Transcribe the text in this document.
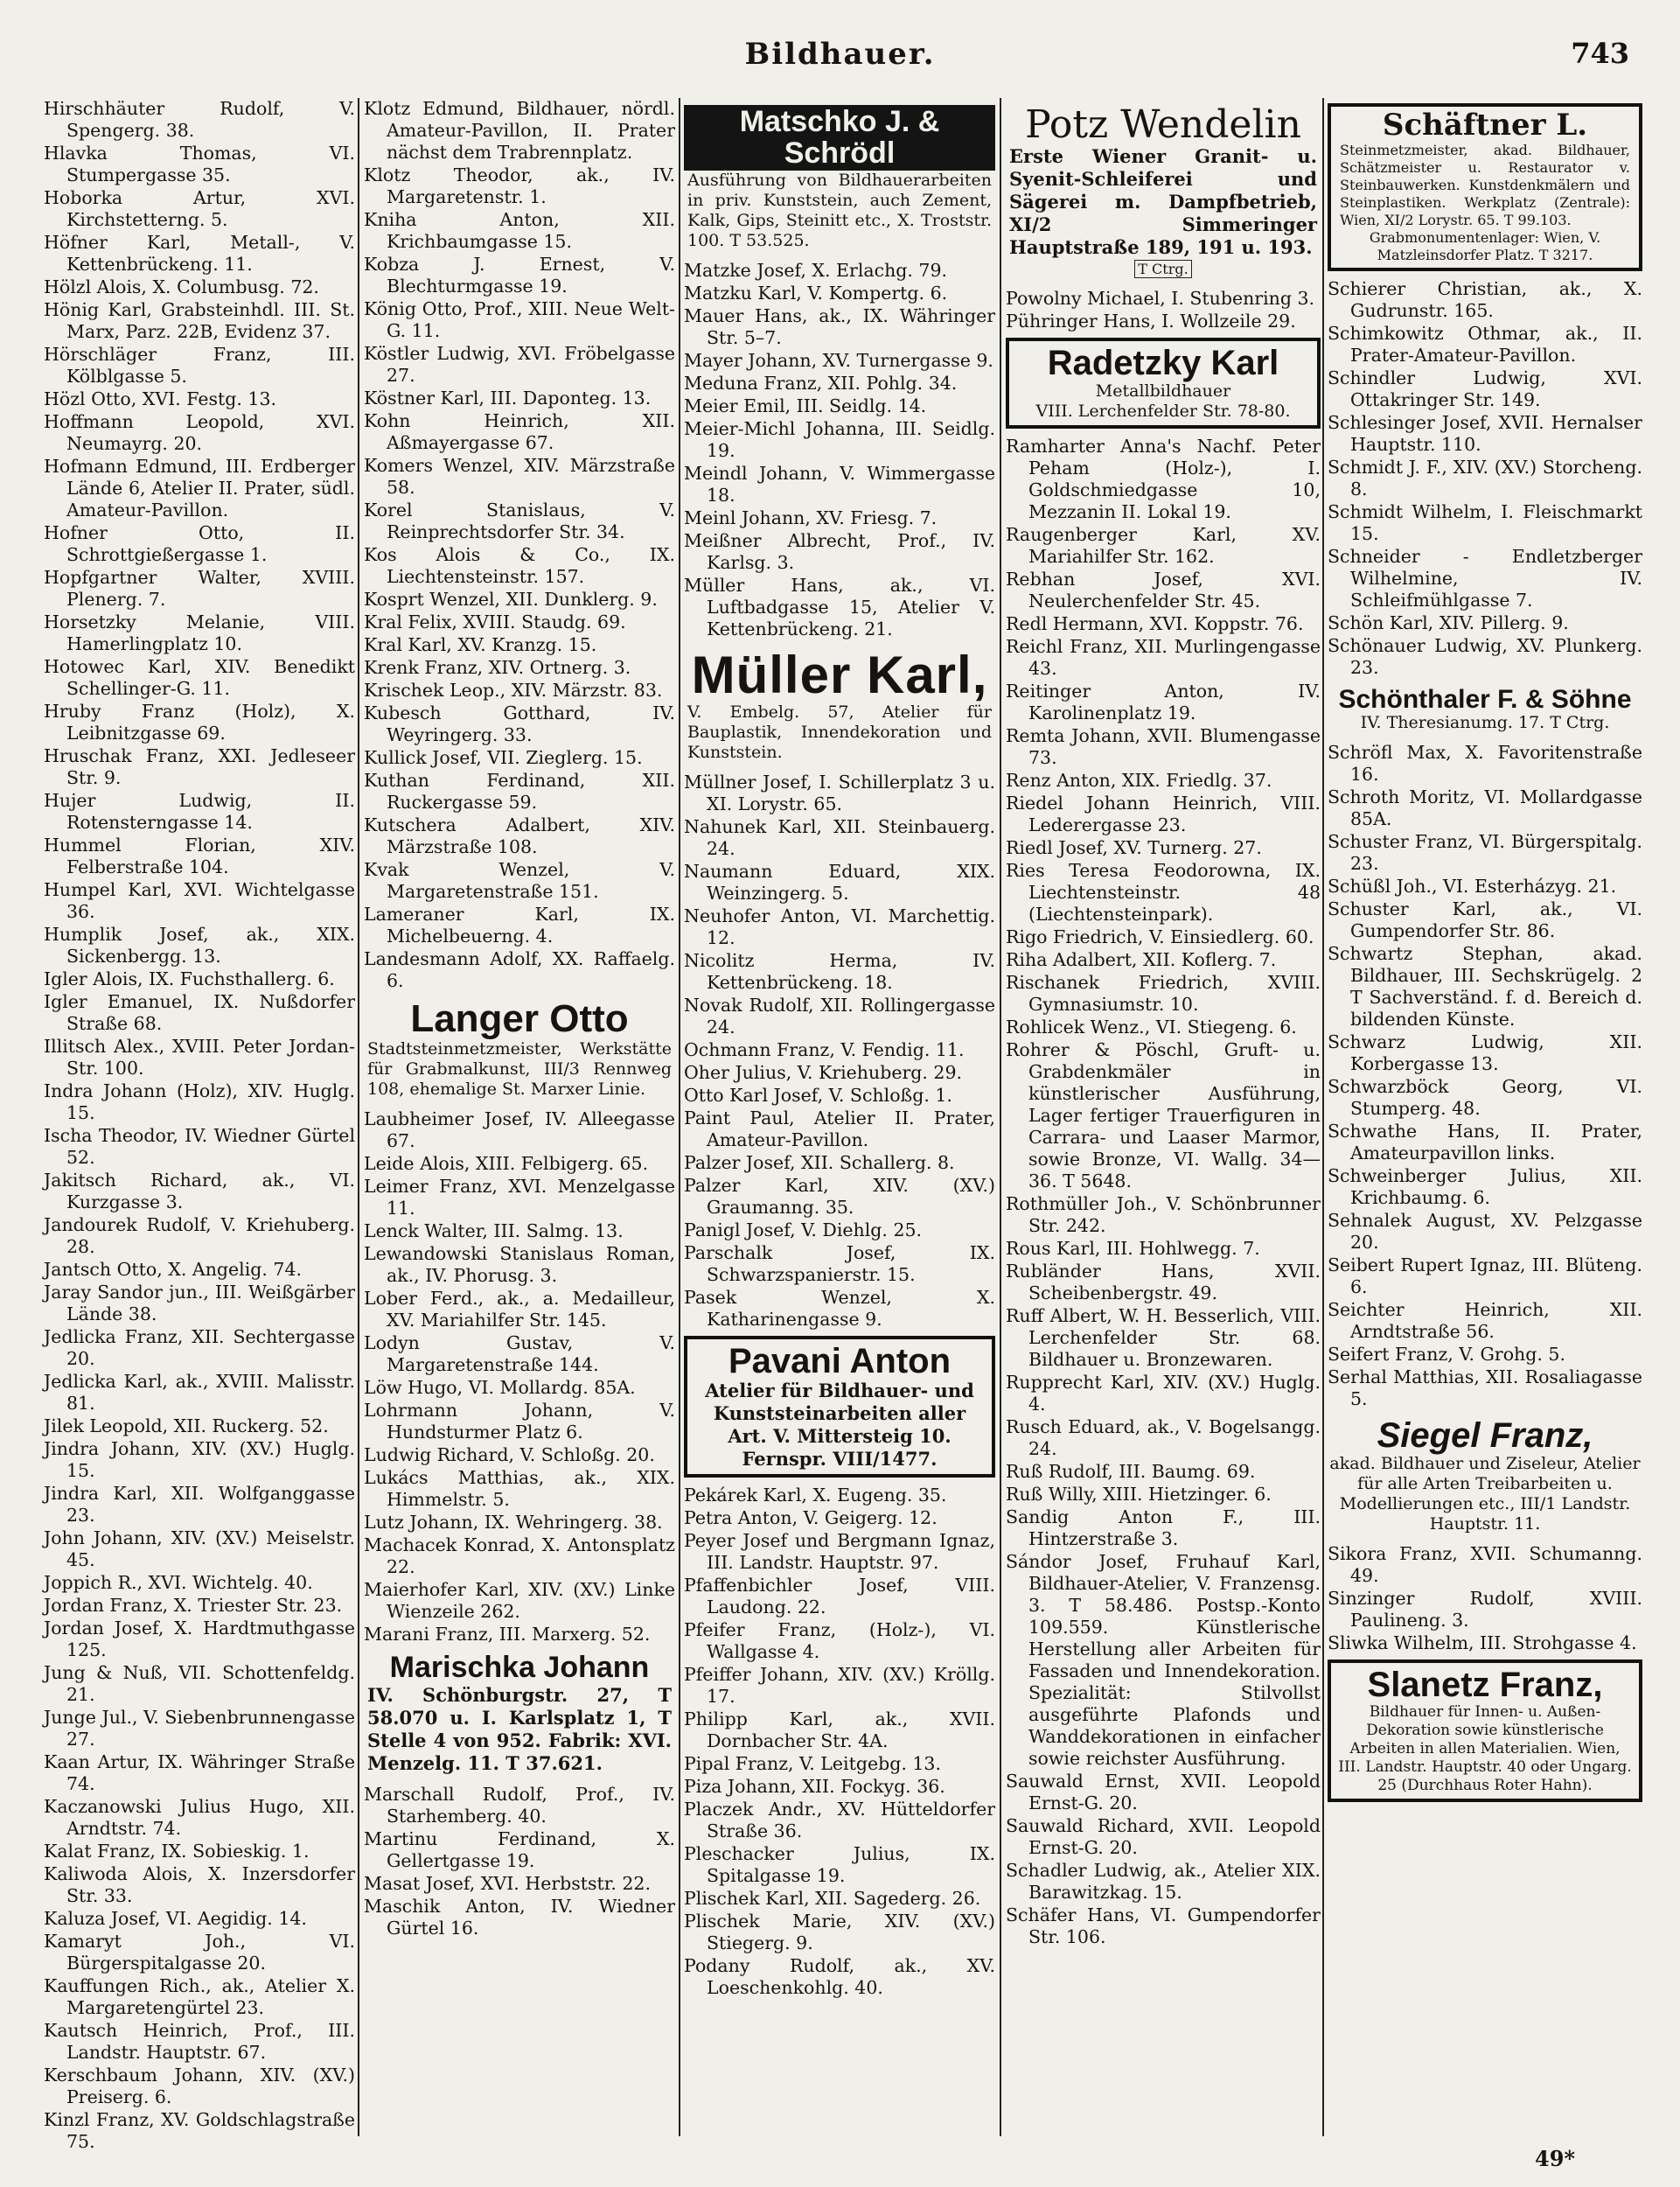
Bildhauer.	743
Hirschhäuter Rudolf, V. Spengerg. 38.
Hlavka Thomas, VI. Stumpergasse 35.
Hoborka Artur, XVI. Kirchstetterng. 5.
Höfner Karl, Metall-, V. Kettenbrückeng. 11.
Hölzl Alois, X. Columbusg. 72.
Hönig Karl, Grabsteinhdl. III. St. Marx, Parz. 22B, Evidenz 37.
Hörschläger Franz, III. Kölblgasse 5.
Hözl Otto, XVI. Festg. 13.
Hoffmann Leopold, XVI. Neumayrg. 20.
Hofmann Edmund, III. Erdberger Lände 6, Atelier II. Prater, südl. Amateur-Pavillon.
Hofner Otto, II. Schrottgießergasse 1.
Hopfgartner Walter, XVIII. Plenerg. 7.
Horsetzky Melanie, VIII. Hamerlingplatz 10.
Hotowec Karl, XIV. Benedikt Schellinger-G. 11.
Hruby Franz (Holz), X. Leibnitzgasse 69.
Hruschak Franz, XXI. Jedleseer Str. 9.
Hujer Ludwig, II. Rotensterngasse 14.
Hummel Florian, XIV. Felberstraße 104.
Humpel Karl, XVI. Wichtelgasse 36.
Humplik Josef, ak., XIX. Sickenbergg. 13.
Igler Alois, IX. Fuchsthallerg. 6.
Igler Emanuel, IX. Nußdorfer Straße 68.
Illitsch Alex., XVIII. Peter Jordan-Str. 100.
Indra Johann (Holz), XIV. Huglg. 15.
Ischa Theodor, IV. Wiedner Gürtel 52.
Jakitsch Richard, ak., VI. Kurzgasse 3.
Jandourek Rudolf, V. Kriehuberg. 28.
Jantsch Otto, X. Angelig. 74.
Jaray Sandor jun., III. Weißgärber Lände 38.
Jedlicka Franz, XII. Sechtergasse 20.
Jedlicka Karl, ak., XVIII. Malisstr. 81.
Jilek Leopold, XII. Ruckerg. 52.
Jindra Johann, XIV. (XV.) Huglg. 15.
Jindra Karl, XII. Wolfganggasse 23.
John Johann, XIV. (XV.) Meiselstr. 45.
Joppich R., XVI. Wichtelg. 40.
Jordan Franz, X. Triester Str. 23.
Jordan Josef, X. Hardtmuthgasse 125.
Jung & Nuß, VII. Schottenfeldg. 21.
Junge Jul., V. Siebenbrunnengasse 27.
Kaan Artur, IX. Währinger Straße 74.
Kaczanowski Julius Hugo, XII. Arndtstr. 74.
Kalat Franz, IX. Sobieskig. 1.
Kaliwoda Alois, X. Inzersdorfer Str. 33.
Kaluza Josef, VI. Aegidig. 14.
Kamaryt Joh., VI. Bürgerspitalgasse 20.
Kauffungen Rich., ak., Atelier X. Margaretengürtel 23.
Kautsch Heinrich, Prof., III. Landstr. Hauptstr. 67.
Kerschbaum Johann, XIV. (XV.) Preiserg. 6.
Kinzl Franz, XV. Goldschlagstraße 75.
Klotz Edmund, Bildhauer, nördl. Amateur-Pavillon, II. Prater nächst dem Trabrennplatz.
Klotz Theodor, ak., IV. Margaretenstr. 1.
Kniha Anton, XII. Krichbaumgasse 15.
Kobza J. Ernest, V. Blechturmgasse 19.
König Otto, Prof., XIII. Neue Welt-G. 11.
Köstler Ludwig, XVI. Fröbelgasse 27.
Köstner Karl, III. Daponteg. 13.
Kohn Heinrich, XII. Aßmayergasse 67.
Komers Wenzel, XIV. Märzstraße 58.
Korel Stanislaus, V. Reinprechtsdorfer Str. 34.
Kos Alois & Co., IX. Liechtensteinstr. 157.
Kosprt Wenzel, XII. Dunklerg. 9.
Kral Felix, XVIII. Staudg. 69.
Kral Karl, XV. Kranzg. 15.
Krenk Franz, XIV. Ortnerg. 3.
Krischek Leop., XIV. Märzstr. 83.
Kubesch Gotthard, IV. Weyringerg. 33.
Kullick Josef, VII. Zieglerg. 15.
Kuthan Ferdinand, XII. Ruckergasse 59.
Kutschera Adalbert, XIV. Märzstraße 108.
Kvak Wenzel, V. Margaretenstraße 151.
Lameraner Karl, IX. Michelbeuerng. 4.
Landesmann Adolf, XX. Raffaelg. 6.
Langer Otto
Stadtsteinmetzmeister, Werkstätte für Grabmalkunst, III/3 Rennweg 108, ehemalige St. Marxer Linie.
Laubheimer Josef, IV. Alleegasse 67.
Leide Alois, XIII. Felbigerg. 65.
Leimer Franz, XVI. Menzelgasse 11.
Lenck Walter, III. Salmg. 13.
Lewandowski Stanislaus Roman, ak., IV. Phorusg. 3.
Lober Ferd., ak., a. Medailleur, XV. Mariahilfer Str. 145.
Lodyn Gustav, V. Margaretenstraße 144.
Löw Hugo, VI. Mollardg. 85A.
Lohrmann Johann, V. Hundsturmer Platz 6.
Ludwig Richard, V. Schloßg. 20.
Lukács Matthias, ak., XIX. Himmelstr. 5.
Lutz Johann, IX. Wehringerg. 38.
Machacek Konrad, X. Antonsplatz 22.
Maierhofer Karl, XIV. (XV.) Linke Wienzeile 262.
Marani Franz, III. Marxerg. 52.
Marischka Johann
IV. Schönburgstr. 27, T 58.070 u. I. Karlsplatz 1, T Stelle 4 von 952. Fabrik: XVI. Menzelg. 11. T 37.621.
Marschall Rudolf, Prof., IV. Starhemberg. 40.
Martinu Ferdinand, X. Gellertgasse 19.
Masat Josef, XVI. Herbststr. 22.
Maschik Anton, IV. Wiedner Gürtel 16.
Matschko J. & Schrödl
Ausführung von Bildhauerarbeiten in priv. Kunststein, auch Zement, Kalk, Gips, Steinitt etc., X. Troststr. 100. T 53.525.
Matzke Josef, X. Erlachg. 79.
Matzku Karl, V. Kompertg. 6.
Mauer Hans, ak., IX. Währinger Str. 5–7.
Mayer Johann, XV. Turnergasse 9.
Meduna Franz, XII. Pohlg. 34.
Meier Emil, III. Seidlg. 14.
Meier-Michl Johanna, III. Seidlg. 19.
Meindl Johann, V. Wimmergasse 18.
Meinl Johann, XV. Friesg. 7.
Meißner Albrecht, Prof., IV. Karlsg. 3.
Müller Hans, ak., VI. Luftbadgasse 15, Atelier V. Kettenbrückeng. 21.
Müller Karl,
V. Embelg. 57, Atelier für Bauplastik, Innendekoration und Kunststein.
Müllner Josef, I. Schillerplatz 3 u. XI. Lorystr. 65.
Nahunek Karl, XII. Steinbauerg. 24.
Naumann Eduard, XIX. Weinzingerg. 5.
Neuhofer Anton, VI. Marchettig. 12.
Nicolitz Herma, IV. Kettenbrückeng. 18.
Novak Rudolf, XII. Rollingergasse 24.
Ochmann Franz, V. Fendig. 11.
Oher Julius, V. Kriehuberg. 29.
Otto Karl Josef, V. Schloßg. 1.
Paint Paul, Atelier II. Prater, Amateur-Pavillon.
Palzer Josef, XII. Schallerg. 8.
Palzer Karl, XIV. (XV.) Graumanng. 35.
Panigl Josef, V. Diehlg. 25.
Parschalk Josef, IX. Schwarzspanierstr. 15.
Pasek Wenzel, X. Katharinengasse 9.
Pavani Anton
Atelier für Bildhauer- und Kunststeinarbeiten aller Art. V. Mittersteig 10.
Fernspr. VIII/1477.
Pekárek Karl, X. Eugeng. 35.
Petra Anton, V. Geigerg. 12.
Peyer Josef und Bergmann Ignaz, III. Landstr. Hauptstr. 97.
Pfaffenbichler Josef, VIII. Laudong. 22.
Pfeifer Franz, (Holz-), VI. Wallgasse 4.
Pfeiffer Johann, XIV. (XV.) Kröllg. 17.
Philipp Karl, ak., XVII. Dornbacher Str. 4A.
Pipal Franz, V. Leitgebg. 13.
Piza Johann, XII. Fockyg. 36.
Placzek Andr., XV. Hütteldorfer Straße 36.
Pleschacker Julius, IX. Spitalgasse 19.
Plischek Karl, XII. Sagederg. 26.
Plischek Marie, XIV. (XV.) Stiegerg. 9.
Podany Rudolf, ak., XV. Loeschenkohlg. 40.
Potz Wendelin
Erste Wiener Granit- u. Syenit-Schleiferei und Sägerei m. Dampfbetrieb, XI/2 Simmeringer Hauptstraße 189, 191 u. 193.
T Ctrg.
Powolny Michael, I. Stubenring 3.
Pühringer Hans, I. Wollzeile 29.
Radetzky Karl
Metallbildhauer
VIII. Lerchenfelder Str. 78-80.
Ramharter Anna's Nachf. Peter Peham (Holz-), I. Goldschmiedgasse 10, Mezzanin II. Lokal 19.
Raugenberger Karl, XV. Mariahilfer Str. 162.
Rebhan Josef, XVI. Neulerchenfelder Str. 45.
Redl Hermann, XVI. Koppstr. 76.
Reichl Franz, XII. Murlingengasse 43.
Reitinger Anton, IV. Karolinenplatz 19.
Remta Johann, XVII. Blumengasse 73.
Renz Anton, XIX. Friedlg. 37.
Riedel Johann Heinrich, VIII. Lederergasse 23.
Riedl Josef, XV. Turnerg. 27.
Ries Teresa Feodorowna, IX. Liechtensteinstr. 48 (Liechtensteinpark).
Rigo Friedrich, V. Einsiedlerg. 60.
Riha Adalbert, XII. Koflerg. 7.
Rischanek Friedrich, XVIII. Gymnasiumstr. 10.
Rohlicek Wenz., VI. Stiegeng. 6.
Rohrer & Pöschl, Gruft- u. Grabdenkmäler in künstlerischer Ausführung, Lager fertiger Trauerfiguren in Carrara- und Laaser Marmor, sowie Bronze, VI. Wallg. 34—36. T 5648.
Rothmüller Joh., V. Schönbrunner Str. 242.
Rous Karl, III. Hohlwegg. 7.
Rubländer Hans, XVII. Scheibenbergstr. 49.
Ruff Albert, W. H. Besserlich, VIII. Lerchenfelder Str. 68. Bildhauer u. Bronzewaren.
Rupprecht Karl, XIV. (XV.) Huglg. 4.
Rusch Eduard, ak., V. Bogelsangg. 24.
Ruß Rudolf, III. Baumg. 69.
Ruß Willy, XIII. Hietzinger. 6.
Sandig Anton F., III. Hintzerstraße 3.
Sándor Josef, Fruhauf Karl, Bildhauer-Atelier, V. Franzensg. 3. T 58.486. Postsp.-Konto 109.559. Künstlerische Herstellung aller Arbeiten für Fassaden und Innendekoration. Spezialität: Stilvollst ausgeführte Plafonds und Wanddekorationen in einfacher sowie reichster Ausführung.
Sauwald Ernst, XVII. Leopold Ernst-G. 20.
Sauwald Richard, XVII. Leopold Ernst-G. 20.
Schadler Ludwig, ak., Atelier XIX. Barawitzkag. 15.
Schäfer Hans, VI. Gumpendorfer Str. 106.
Schäftner L.
Steinmetzmeister, akad. Bildhauer, Schätzmeister u. Restaurator v. Steinbauwerken. Kunstdenkmälern und Steinplastiken. Werkplatz (Zentrale): Wien, XI/2 Lorystr. 65. T 99.103.
Grabmonumentenlager: Wien, V. Matzleinsdorfer Platz. T 3217.
Schierer Christian, ak., X. Gudrunstr. 165.
Schimkowitz Othmar, ak., II. Prater-Amateur-Pavillon.
Schindler Ludwig, XVI. Ottakringer Str. 149.
Schlesinger Josef, XVII. Hernalser Hauptstr. 110.
Schmidt J. F., XIV. (XV.) Storcheng. 8.
Schmidt Wilhelm, I. Fleischmarkt 15.
Schneider - Endletzberger Wilhelmine, IV. Schleifmühlgasse 7.
Schön Karl, XIV. Pillerg. 9.
Schönauer Ludwig, XV. Plunkerg. 23.
Schönthaler F. & Söhne
IV. Theresianumg. 17. T Ctrg.
Schröfl Max, X. Favoritenstraße 16.
Schroth Moritz, VI. Mollardgasse 85A.
Schuster Franz, VI. Bürgerspitalg. 23.
Schüßl Joh., VI. Esterházyg. 21.
Schuster Karl, ak., VI. Gumpendorfer Str. 86.
Schwartz Stephan, akad. Bildhauer, III. Sechskrügelg. 2 T Sachverständ. f. d. Bereich d. bildenden Künste.
Schwarz Ludwig, XII. Korbergasse 13.
Schwarzböck Georg, VI. Stumperg. 48.
Schwathe Hans, II. Prater, Amateurpavillon links.
Schweinberger Julius, XII. Krichbaumg. 6.
Sehnalek August, XV. Pelzgasse 20.
Seibert Rupert Ignaz, III. Blüteng. 6.
Seichter Heinrich, XII. Arndtstraße 56.
Seifert Franz, V. Grohg. 5.
Serhal Matthias, XII. Rosaliagasse 5.
Siegel Franz,
akad. Bildhauer und Ziseleur, Atelier für alle Arten Treibarbeiten u. Modellierungen etc., III/1 Landstr. Hauptstr. 11.
Sikora Franz, XVII. Schumanng. 49.
Sinzinger Rudolf, XVIII. Paulineng. 3.
Sliwka Wilhelm, III. Strohgasse 4.
Slanetz Franz,
Bildhauer für Innen- u. Außen-Dekoration sowie künstlerische Arbeiten in allen Materialien. Wien, III. Landstr. Hauptstr. 40 oder Ungarg. 25 (Durchhaus Roter Hahn).
49*
